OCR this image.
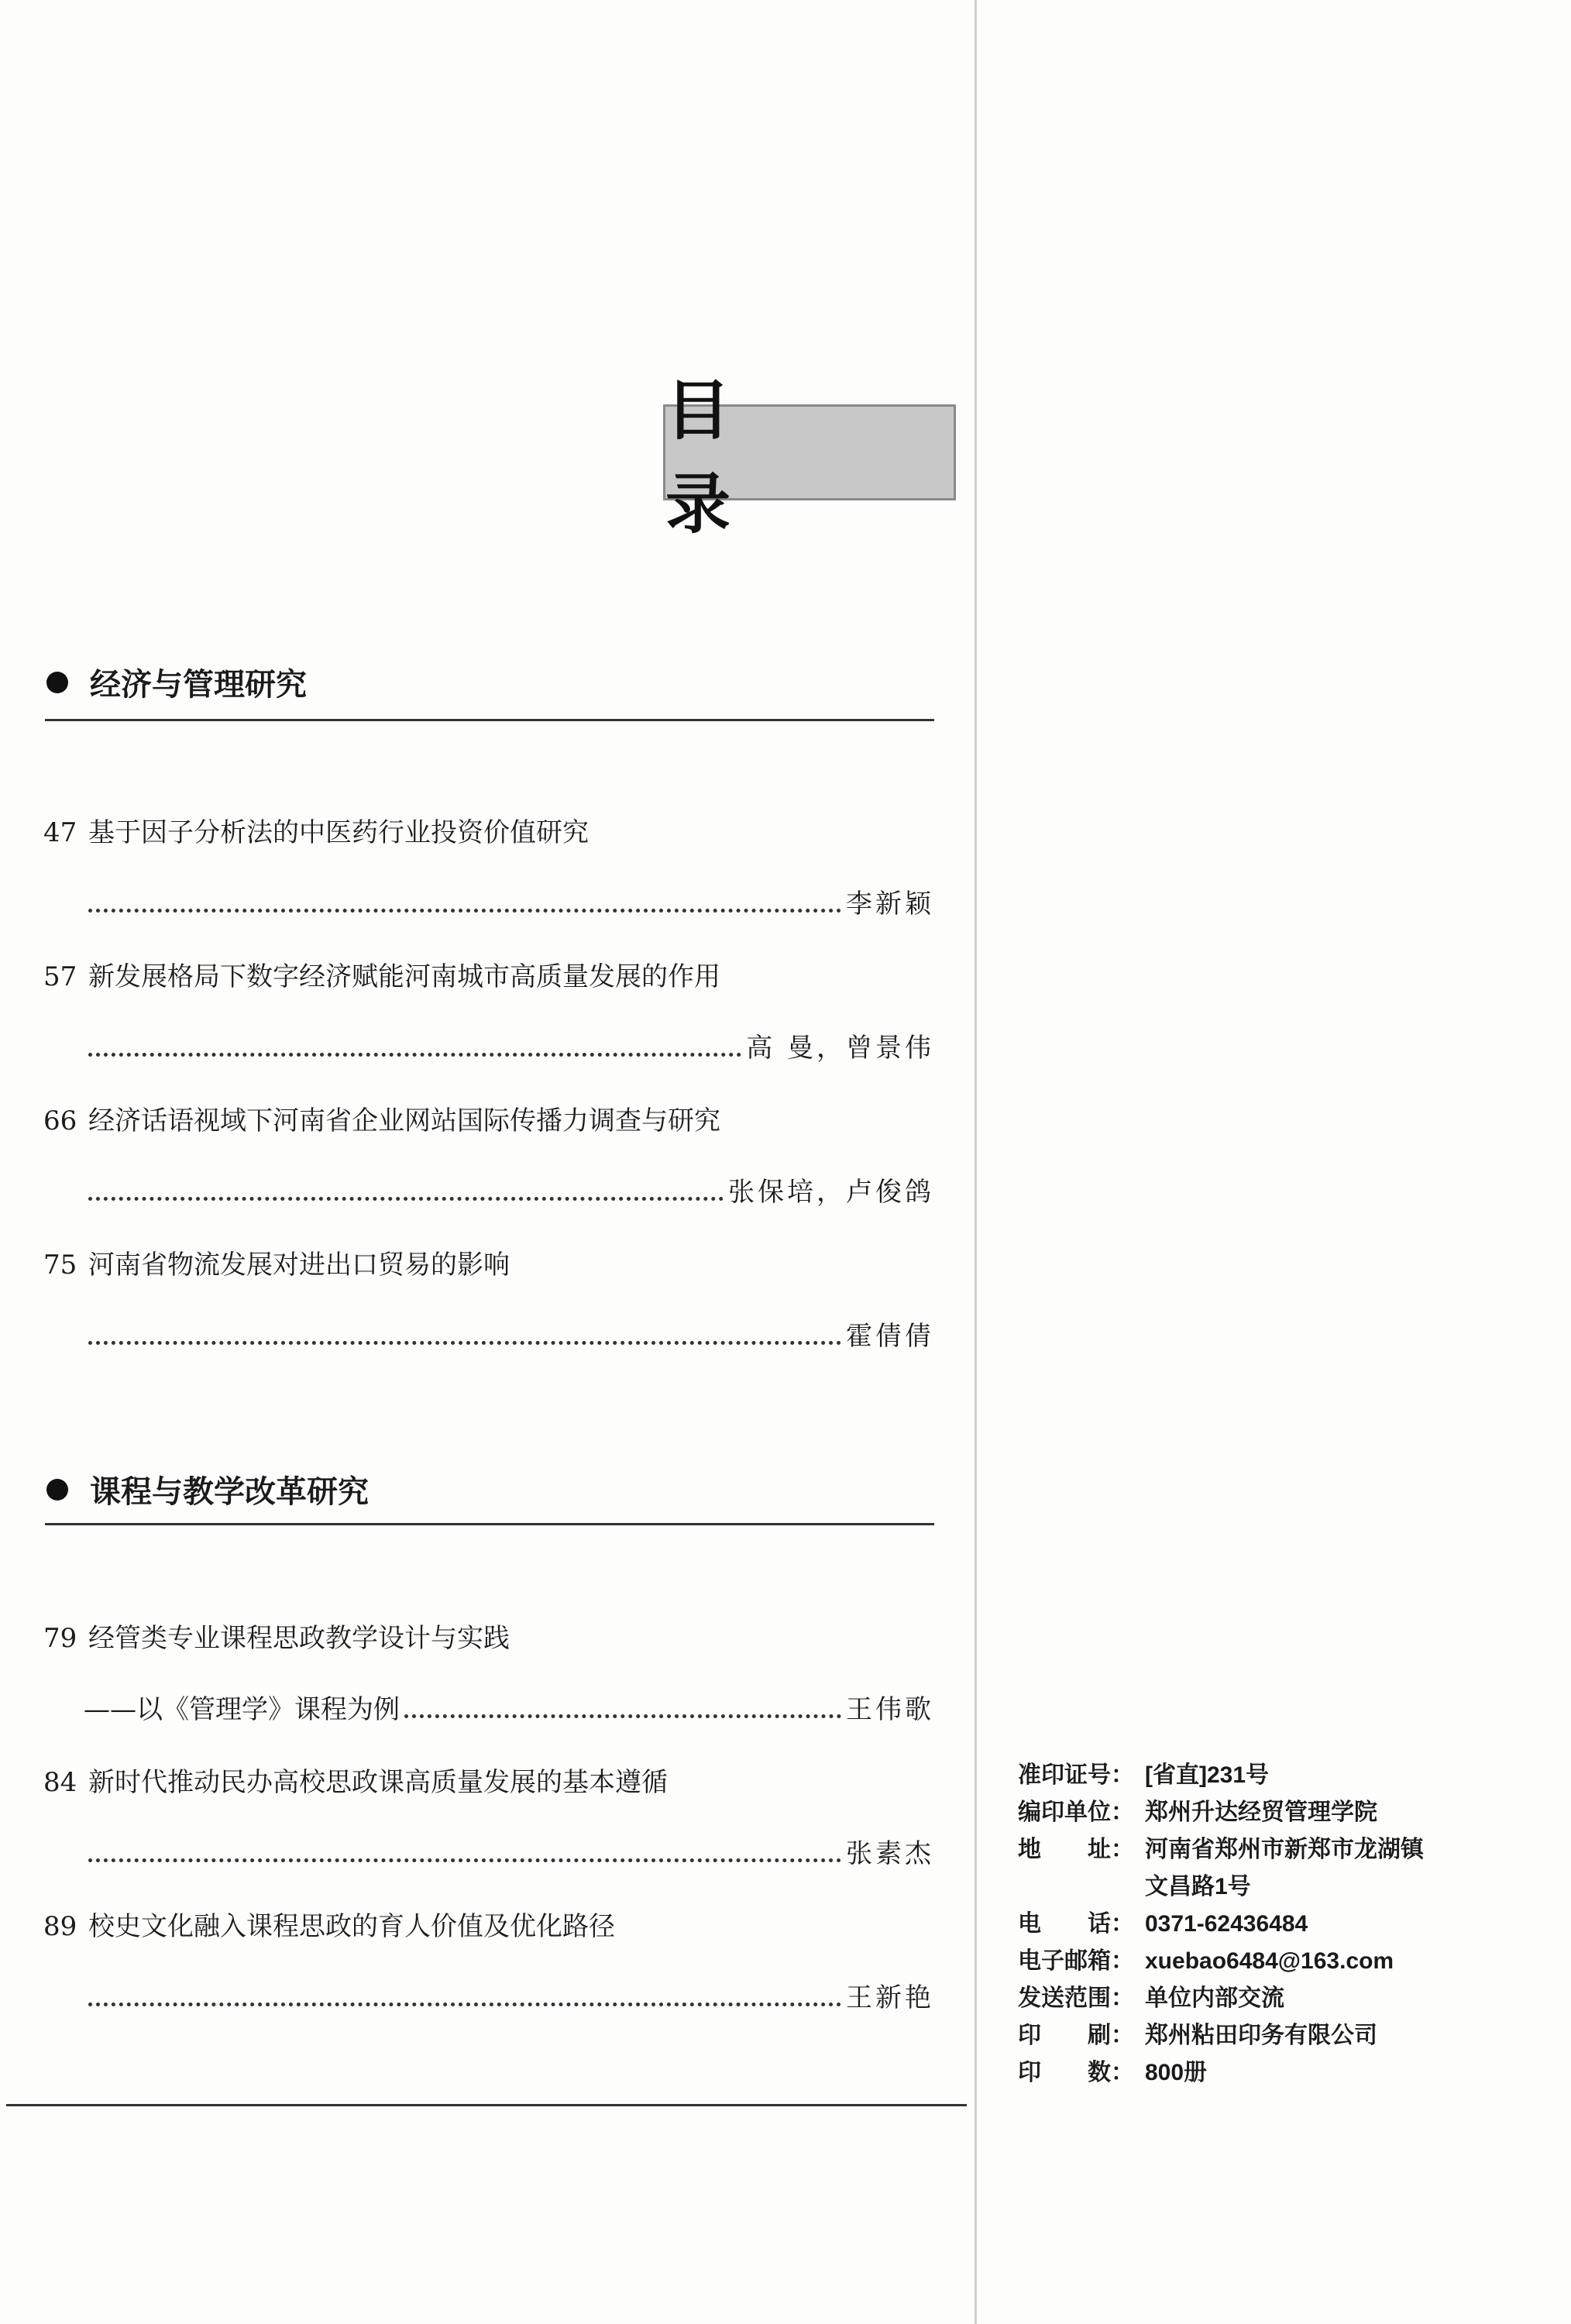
目 录
经济与管理研究
47 基于因子分析法的中医药行业投资价值研究
李新颖
57 新发展格局下数字经济赋能河南城市高质量发展的作用
高 曼，曾景伟
66 经济话语视域下河南省企业网站国际传播力调查与研究
张保培，卢俊鸽
75 河南省物流发展对进出口贸易的影响
霍倩倩
课程与教学改革研究
79 经管类专业课程思政教学设计与实践
——以《管理学》课程为例	王伟歌
84 新时代推动民办高校思政课高质量发展的基本遵循
张素杰
89 校史文化融入课程思政的育人价值及优化路径
王新艳
准印证号： [省直]231号
编印单位： 郑州升达经贸管理学院
地　　址： 河南省郑州市新郑市龙湖镇
文昌路1号
电　　话： 0371-62436484
电子邮箱： xuebao6484@163.com
发送范围： 单位内部交流
印　　刷： 郑州粘田印务有限公司
印　　数： 800册
